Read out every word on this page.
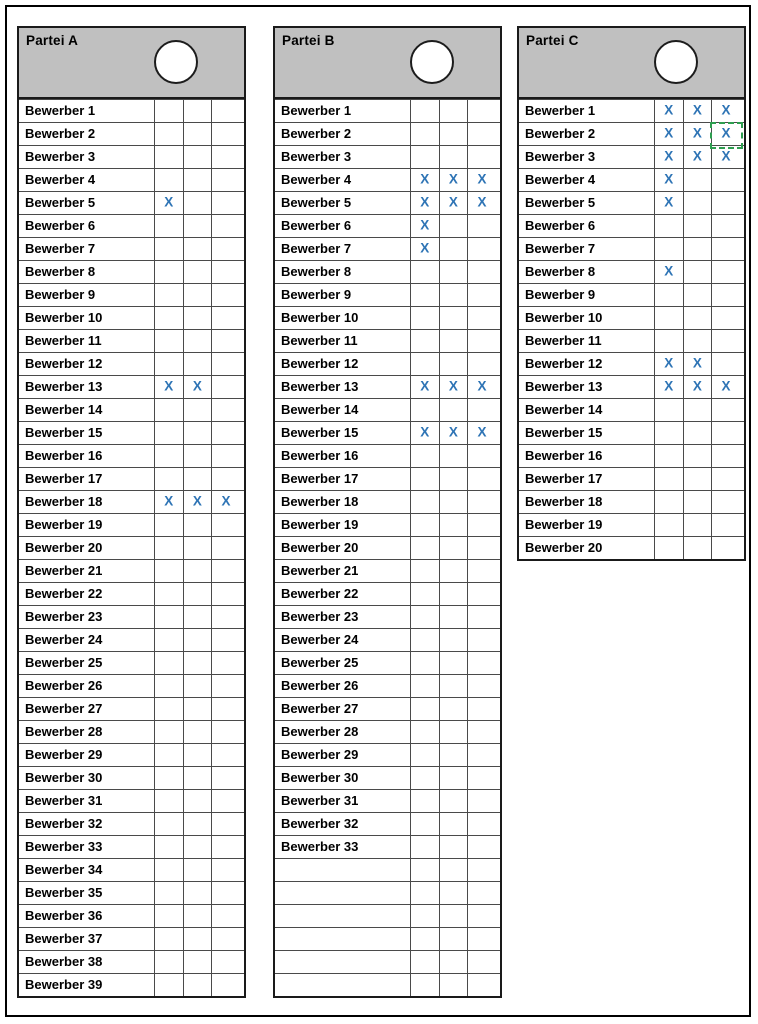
Partei A
Bewerber 1
Bewerber 2
Bewerber 3
Bewerber 4
Bewerber 5	X
Bewerber 6
Bewerber 7
Bewerber 8
Bewerber 9
Bewerber 10
Bewerber 11
Bewerber 12
Bewerber 13	X X
Bewerber 14
Bewerber 15
Bewerber 16
Bewerber 17
Bewerber 18	X X X
Bewerber 19
Bewerber 20
Bewerber 21
Bewerber 22
Bewerber 23
Bewerber 24
Bewerber 25
Bewerber 26
Bewerber 27
Bewerber 28
Bewerber 29
Bewerber 30
Bewerber 31
Bewerber 32
Bewerber 33
Bewerber 34
Bewerber 35
Bewerber 36
Bewerber 37
Bewerber 38
Bewerber 39
Partei B
Bewerber 1
Bewerber 2
Bewerber 3
Bewerber 4	X X X
Bewerber 5	X X X
Bewerber 6	X
Bewerber 7	X
Bewerber 8
Bewerber 9
Bewerber 10
Bewerber 11
Bewerber 12
Bewerber 13	X X X
Bewerber 14
Bewerber 15	X X X
Bewerber 16
Bewerber 17
Bewerber 18
Bewerber 19
Bewerber 20
Bewerber 21
Bewerber 22
Bewerber 23
Bewerber 24
Bewerber 25
Bewerber 26
Bewerber 27
Bewerber 28
Bewerber 29
Bewerber 30
Bewerber 31
Bewerber 32
Bewerber 33
Partei C
Bewerber 1	X X X
Bewerber 2	X X X
Bewerber 3	X X X
Bewerber 4	X
Bewerber 5	X
Bewerber 6
Bewerber 7
Bewerber 8	X
Bewerber 9
Bewerber 10
Bewerber 11
Bewerber 12	X X
Bewerber 13	X X X
Bewerber 14
Bewerber 15
Bewerber 16
Bewerber 17
Bewerber 18
Bewerber 19
Bewerber 20
